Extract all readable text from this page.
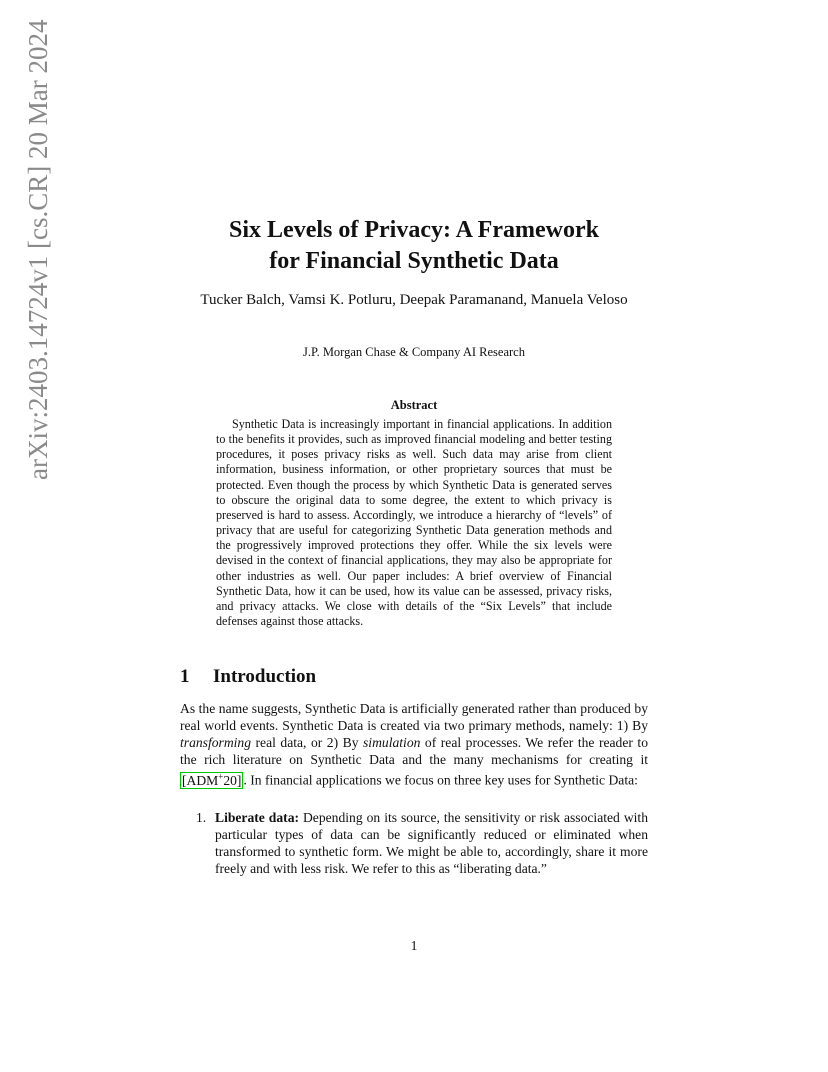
arXiv:2403.14724v1 [cs.CR] 20 Mar 2024	Six Levels of Privacy: A Framework
for Financial Synthetic Data
Tucker Balch, Vamsi K. Potluru, Deepak Paramanand, Manuela Veloso
J.P. Morgan Chase & Company AI Research
Abstract
Synthetic Data is increasingly important in financial applications. In addition to the benefits it provides, such as improved financial modeling and better testing procedures, it poses privacy risks as well. Such data may arise from client information, business information, or other proprietary sources that must be protected. Even though the process by which Synthetic Data is generated serves to obscure the original data to some degree, the extent to which privacy is preserved is hard to assess. Accordingly, we introduce a hierarchy of “levels” of privacy that are useful for categorizing Synthetic Data generation methods and the progressively improved protections they offer. While the six levels were devised in the context of financial applications, they may also be appropriate for other industries as well. Our paper includes: A brief overview of Financial Synthetic Data, how it can be used, how its value can be assessed, privacy risks, and privacy attacks. We close with details of the “Six Levels” that include defenses against those attacks.
1 Introduction
As the name suggests, Synthetic Data is artificially generated rather than produced by real world events. Synthetic Data is created via two primary methods, namely: 1) By transforming real data, or 2) By simulation of real processes. We refer the reader to the rich literature on Synthetic Data and the many mechanisms for creating it [ADM+20] . In financial applications we focus on three key uses for Synthetic Data:
1. Liberate data: Depending on its source, the sensitivity or risk associated with particular types of data can be significantly reduced or eliminated when transformed to synthetic form. We might be able to, accordingly, share it more freely and with less risk. We refer to this as “liberating data.”
1
